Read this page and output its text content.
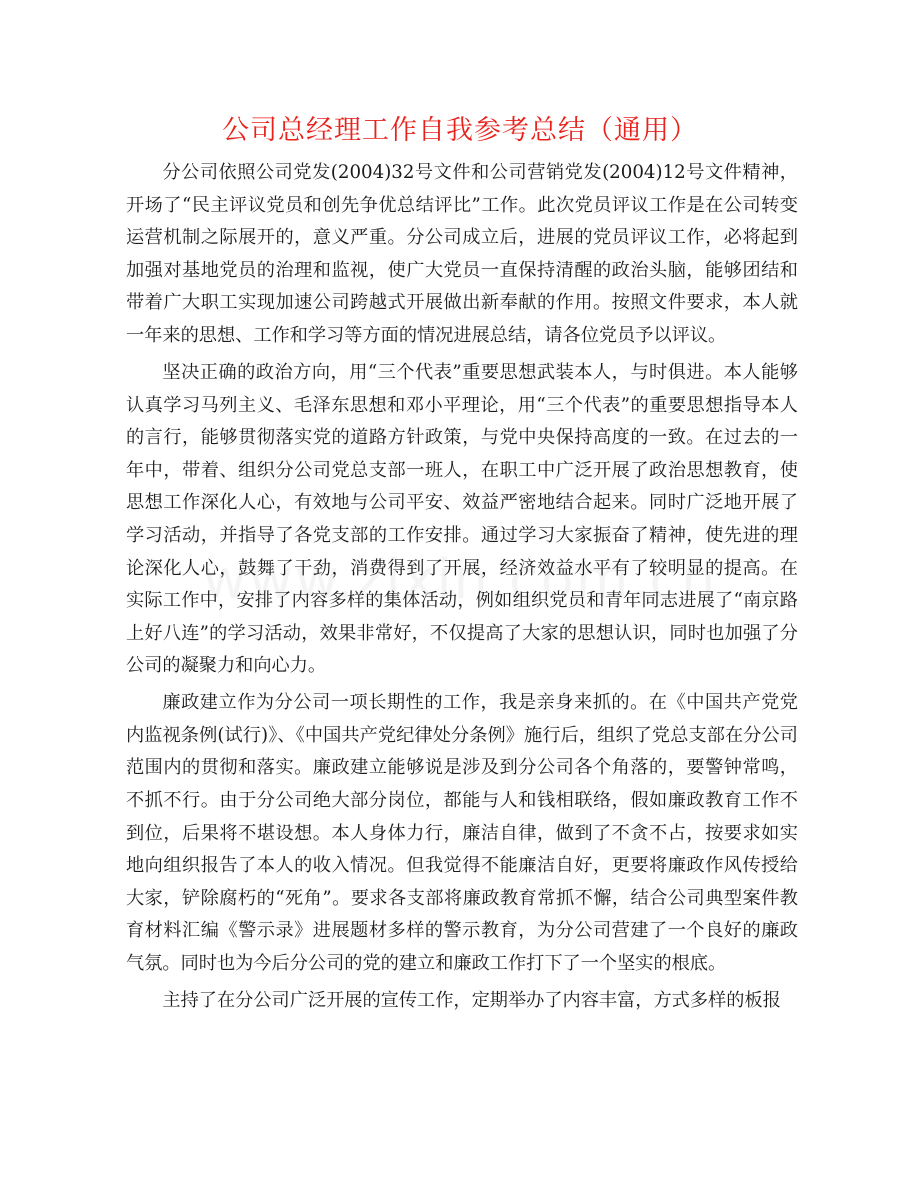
公司总经理工作自我参考总结（通用）

分公司依照公司党发(2004)32号文件和公司营销党发(2004)12号文件精神，开场了“民主评议党员和创先争优总结评比”工作。此次党员评议工作是在公司转变运营机制之际展开的，意义严重。分公司成立后，进展的党员评议工作，必将起到加强对基地党员的治理和监视，使广大党员一直保持清醒的政治头脑，能够团结和带着广大职工实现加速公司跨越式开展做出新奉献的作用。按照文件要求，本人就一年来的思想、工作和学习等方面的情况进展总结，请各位党员予以评议。

坚决正确的政治方向，用“三个代表”重要思想武装本人，与时俱进。本人能够认真学习马列主义、毛泽东思想和邓小平理论，用“三个代表”的重要思想指导本人的言行，能够贯彻落实党的道路方针政策，与党中央保持高度的一致。在过去的一年中，带着、组织分公司党总支部一班人，在职工中广泛开展了政治思想教育，使思想工作深化人心，有效地与公司平安、效益严密地结合起来。同时广泛地开展了学习活动，并指导了各党支部的工作安排。通过学习大家振奋了精神，使先进的理论深化人心，鼓舞了干劲，消费得到了开展，经济效益水平有了较明显的提高。在实际工作中，安排了内容多样的集体活动，例如组织党员和青年同志进展了“南京路上好八连”的学习活动，效果非常好，不仅提高了大家的思想认识，同时也加强了分公司的凝聚力和向心力。

廉政建立作为分公司一项长期性的工作，我是亲身来抓的。在《中国共产党党内监视条例(试行)》、《中国共产党纪律处分条例》施行后，组织了党总支部在分公司范围内的贯彻和落实。廉政建立能够说是涉及到分公司各个角落的，要警钟常鸣，不抓不行。由于分公司绝大部分岗位，都能与人和钱相联络，假如廉政教育工作不到位，后果将不堪设想。本人身体力行，廉洁自律，做到了不贪不占，按要求如实地向组织报告了本人的收入情况。但我觉得不能廉洁自好，更要将廉政作风传授给大家，铲除腐朽的“死角”。要求各支部将廉政教育常抓不懈，结合公司典型案件教育材料汇编《警示录》进展题材多样的警示教育，为分公司营建了一个良好的廉政气氛。同时也为今后分公司的党的建立和廉政工作打下了一个坚实的根底。

主持了在分公司广泛开展的宣传工作，定期举办了内容丰富，方式多样的板报
